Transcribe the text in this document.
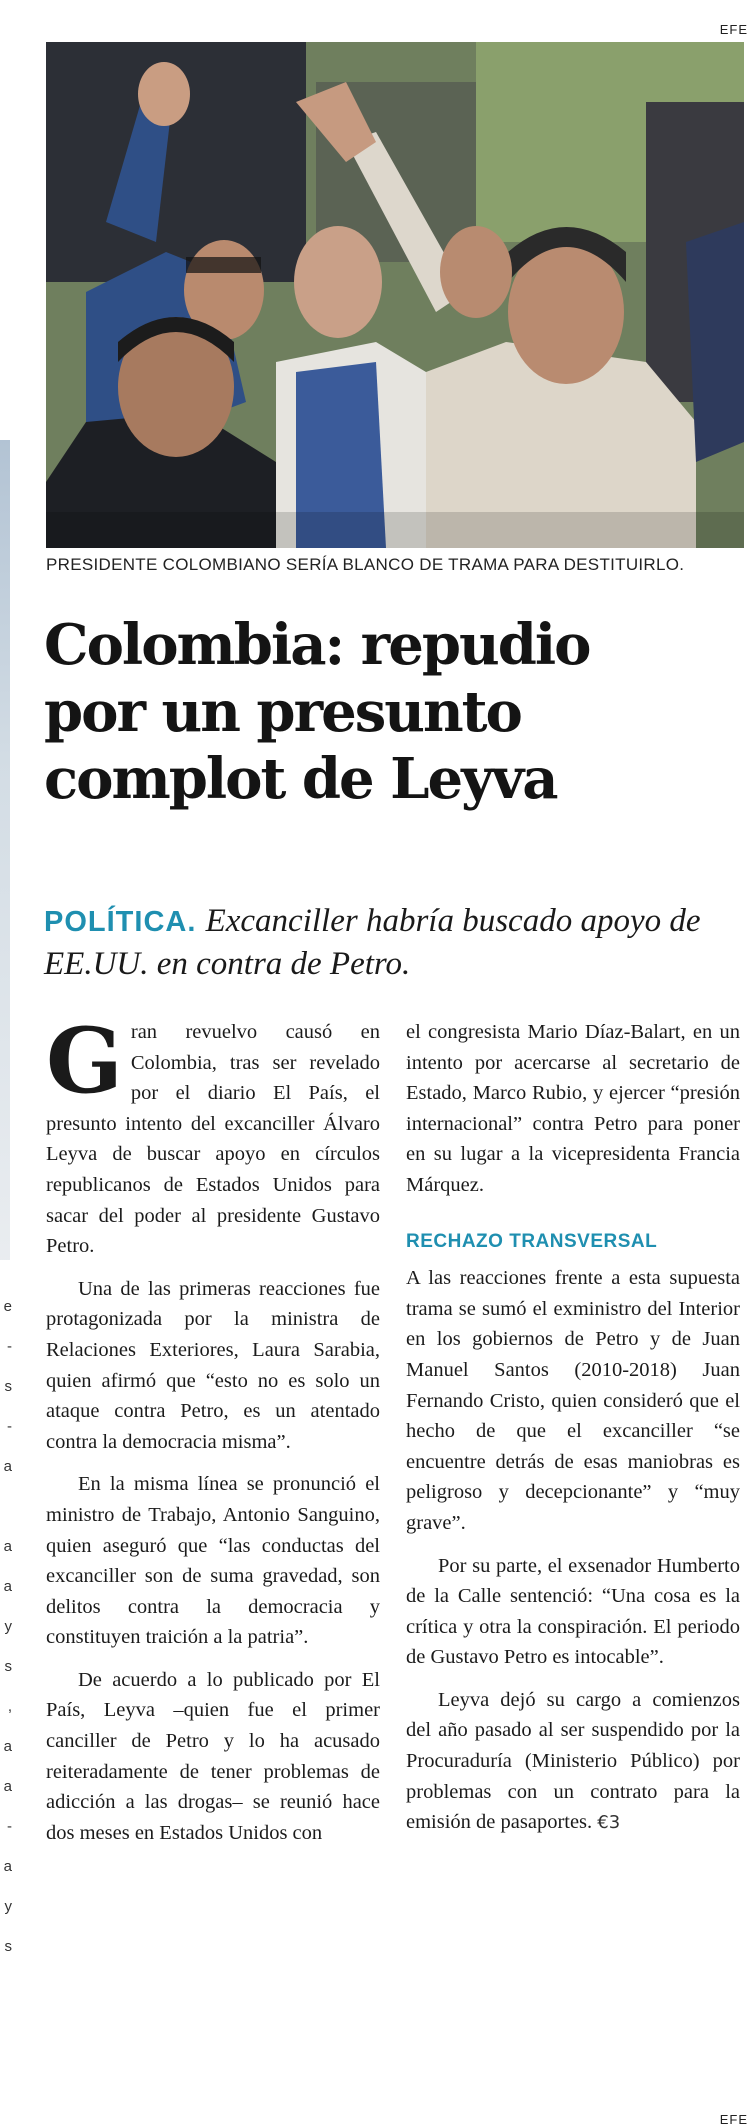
EFE
e
-
s
-
a
a
a
y
s
,
a
a
-
a
y
s
PRESIDENTE COLOMBIANO SERÍA BLANCO DE TRAMA PARA DESTITUIRLO.
Colombia: repudio
por un presunto
complot de Leyva
POLÍTICA. Excanciller habría buscado apoyo de EE.UU. en contra de Petro.

Gran revuelvo causó en Colombia, tras ser revelado por el diario El País, el presunto intento del excanciller Álvaro Leyva de buscar apoyo en círculos republicanos de Estados Unidos para sacar del poder al presidente Gustavo Petro.

Una de las primeras reacciones fue protagonizada por la ministra de Relaciones Exteriores, Laura Sarabia, quien afirmó que “esto no es solo un ataque contra Petro, es un atentado contra la democracia misma”.

En la misma línea se pronunció el ministro de Trabajo, Antonio Sanguino, quien aseguró que “las conductas del excanciller son de suma gravedad, son delitos contra la democracia y constituyen traición a la patria”.

De acuerdo a lo publicado por El País, Leyva –quien fue el primer canciller de Petro y lo ha acusado reiteradamente de tener problemas de adicción a las drogas– se reunió hace dos meses en Estados Unidos con

el congresista Mario Díaz-Balart, en un intento por acercarse al secretario de Estado, Marco Rubio, y ejercer “presión internacional” contra Petro para poner en su lugar a la vicepresidenta Francia Márquez.

RECHAZO TRANSVERSAL

A las reacciones frente a esta supuesta trama se sumó el exministro del Interior en los gobiernos de Petro y de Juan Manuel Santos (2010-2018) Juan Fernando Cristo, quien consideró que el hecho de que el excanciller “se encuentre detrás de esas maniobras es peligroso y decepcionante” y “muy grave”.

Por su parte, el exsenador Humberto de la Calle sentenció: “Una cosa es la crítica y otra la conspiración. El periodo de Gustavo Petro es intocable”.

Leyva dejó su cargo a comienzos del año pasado al ser suspendido por la Procuraduría (Ministerio Público) por problemas con un contrato para la emisión de pasaportes. €3

EFE
